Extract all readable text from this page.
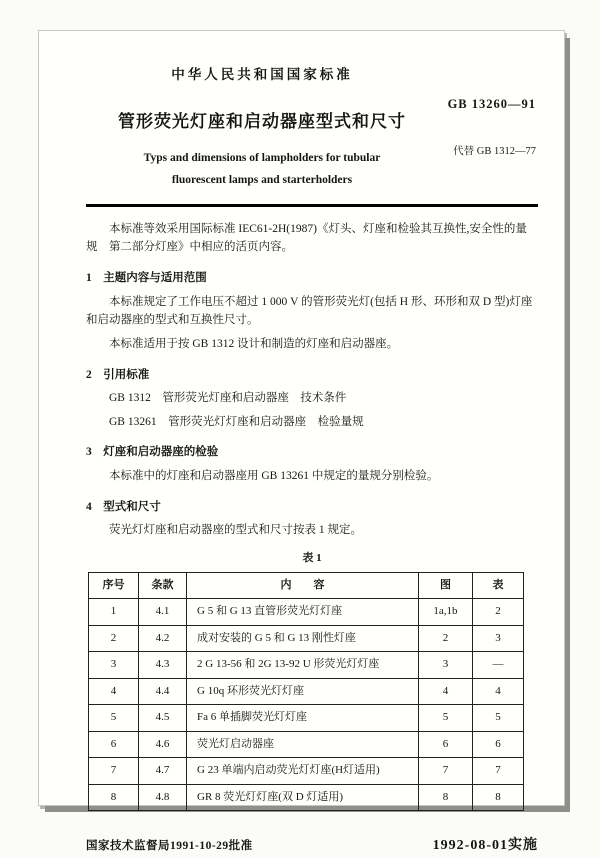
中华人民共和国国家标准
管形荧光灯座和启动器座型式和尺寸
Typs and dimensions of lampholders for tubular
fluorescent lamps and starterholders
GB 13260—91
代替 GB 1312—77

本标准等效采用国际标准 IEC61-2H(1987)《灯头、灯座和检验其互换性,安全性的量规　第二部分灯座》中相应的活页内容。

1　主题内容与适用范围

本标准规定了工作电压不超过 1 000 V 的管形荧光灯(包括 H 形、环形和双 D 型)灯座和启动器座的型式和互换性尺寸。

本标准适用于按 GB 1312 设计和制造的灯座和启动器座。

2　引用标准

GB 1312　管形荧光灯座和启动器座　技术条件

GB 13261　管形荧光灯灯座和启动器座　检验量规

3　灯座和启动器座的检验

本标准中的灯座和启动器座用 GB 13261 中规定的量规分别检验。

4　型式和尺寸

荧光灯灯座和启动器座的型式和尺寸按表 1 规定。

表 1
序号	条款	内　　容	图	表
1	4.1	G 5 和 G 13 直管形荧光灯灯座	1a,1b	2
2	4.2	成对安装的 G 5 和 G 13 刚性灯座	2	3
3	4.3	2 G 13-56 和 2G 13-92 U 形荧光灯灯座	3	—
4	4.4	G 10q 环形荧光灯灯座	4	4
5	4.5	Fa 6 单插脚荧光灯灯座	5	5
6	4.6	荧光灯启动器座	6	6
7	4.7	G 23 单端内启动荧光灯灯座(H灯适用)	7	7
8	4.8	GR 8 荧光灯灯座(双 D 灯适用)	8	8
国家技术监督局1991-10-29批准	1992-08-01实施
